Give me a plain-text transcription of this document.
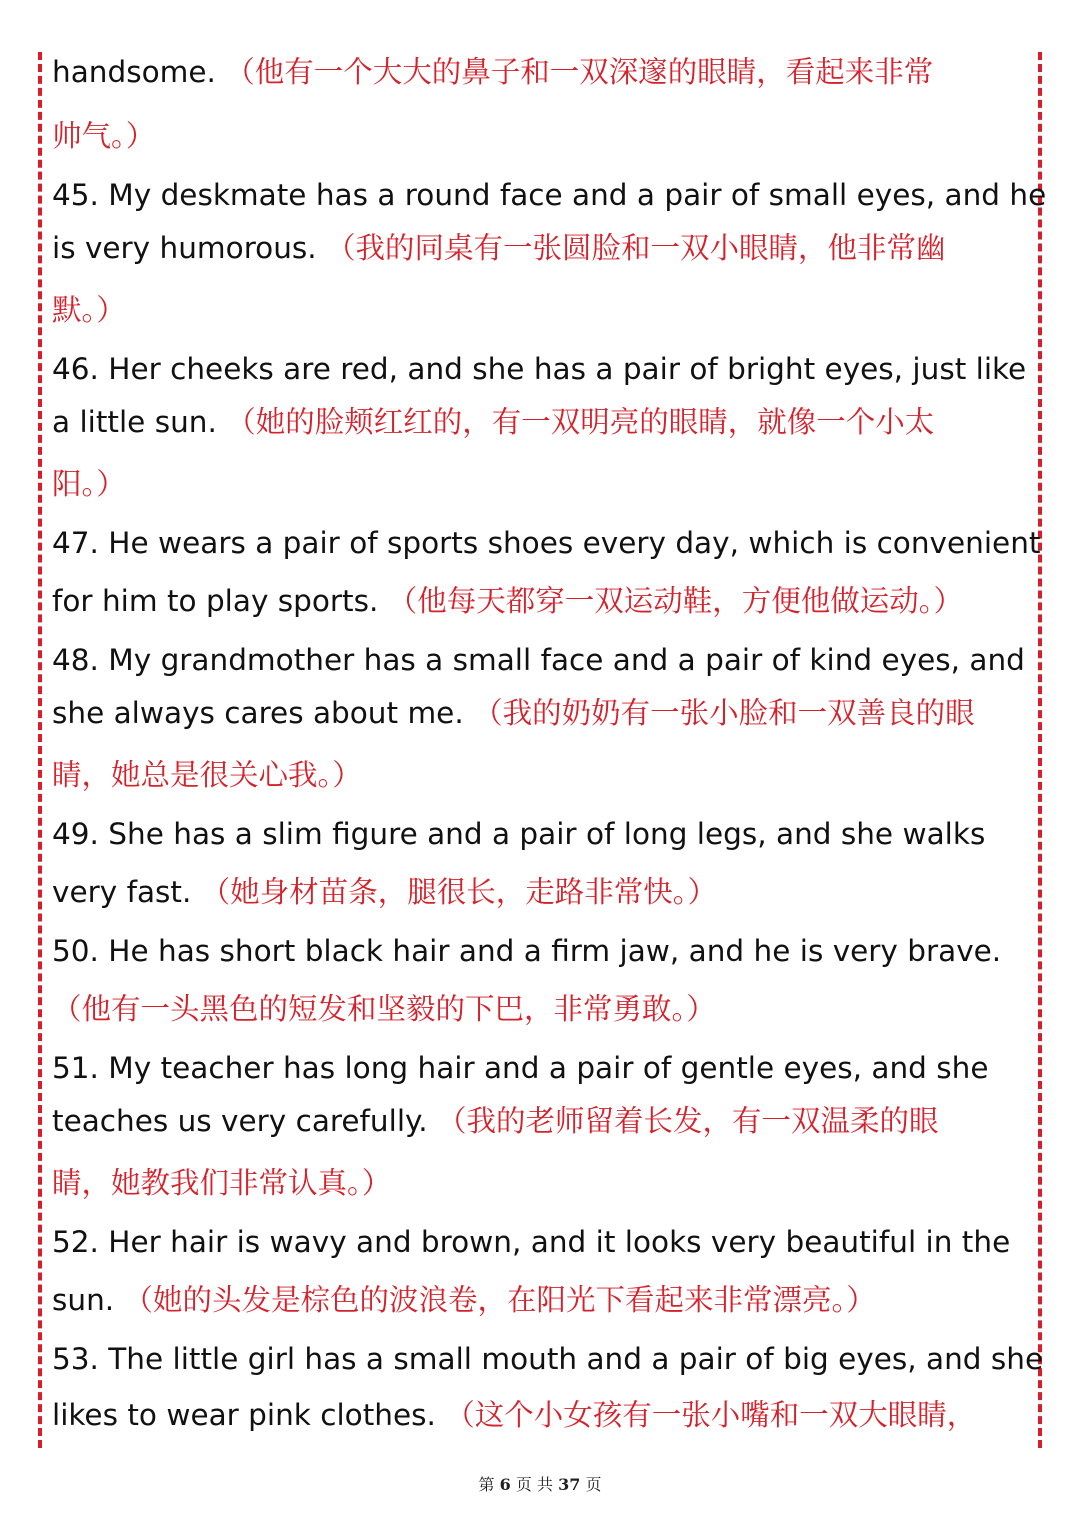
handsome. （他有一个大大的鼻子和一双深邃的眼睛，看起来非常
帅气。）
45. My deskmate has a round face and a pair of small eyes, and he
is very humorous. （我的同桌有一张圆脸和一双小眼睛，他非常幽
默。）
46. Her cheeks are red, and she has a pair of bright eyes, just like
a little sun. （她的脸颊红红的，有一双明亮的眼睛，就像一个小太
阳。）
47. He wears a pair of sports shoes every day, which is convenient
for him to play sports. （他每天都穿一双运动鞋，方便他做运动。）
48. My grandmother has a small face and a pair of kind eyes, and
she always cares about me. （我的奶奶有一张小脸和一双善良的眼
睛，她总是很关心我。）
49. She has a slim figure and a pair of long legs, and she walks
very fast. （她身材苗条，腿很长，走路非常快。）
50. He has short black hair and a firm jaw, and he is very brave.
（他有一头黑色的短发和坚毅的下巴，非常勇敢。）
51. My teacher has long hair and a pair of gentle eyes, and she
teaches us very carefully. （我的老师留着长发，有一双温柔的眼
睛，她教我们非常认真。）
52. Her hair is wavy and brown, and it looks very beautiful in the
sun. （她的头发是棕色的波浪卷，在阳光下看起来非常漂亮。）
53. The little girl has a small mouth and a pair of big eyes, and she
likes to wear pink clothes. （这个小女孩有一张小嘴和一双大眼睛，
第 6 页 共 37 页
